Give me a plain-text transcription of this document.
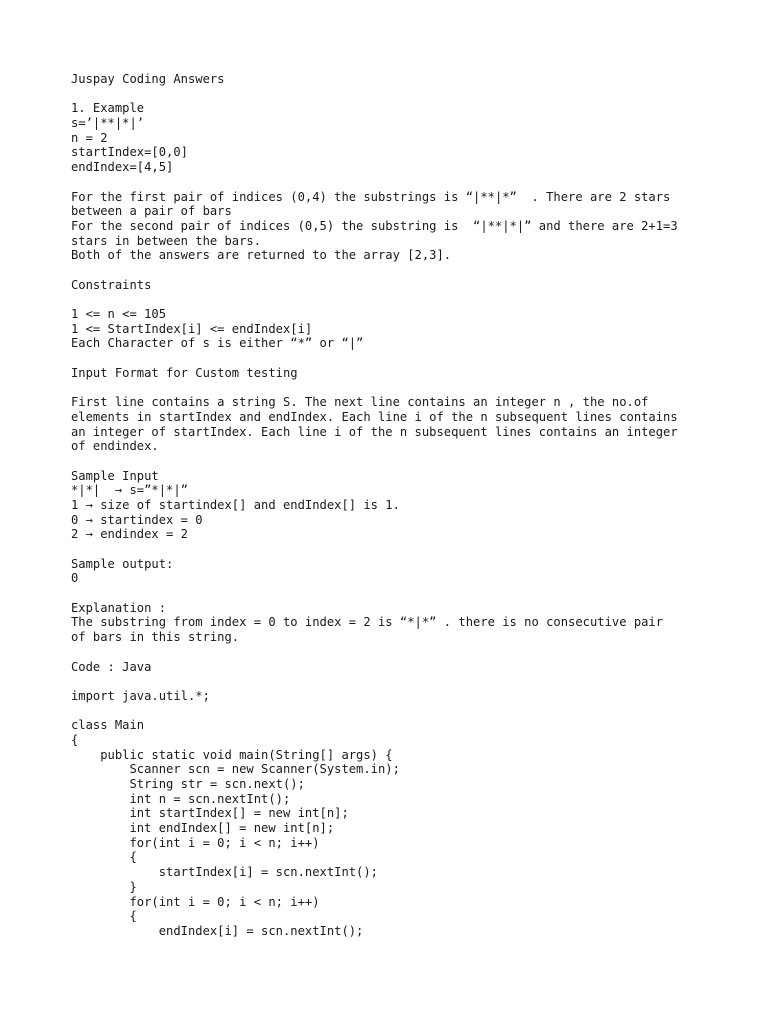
Juspay Coding Answers
1. Example
s=’|**|*|’
n = 2
startIndex=[0,0]
endIndex=[4,5]
For the first pair of indices (0,4) the substrings is “|**|*”  . There are 2 stars
between a pair of bars
For the second pair of indices (0,5) the substring is  “|**|*|” and there are 2+1=3
stars in between the bars.
Both of the answers are returned to the array [2,3].
Constraints
1 <= n <= 105
1 <= StartIndex[i] <= endIndex[i]
Each Character of s is either “*” or “|”
Input Format for Custom testing
First line contains a string S. The next line contains an integer n , the no.of
elements in startIndex and endIndex. Each line i of the n subsequent lines contains
an integer of startIndex. Each line i of the n subsequent lines contains an integer
of endindex.
Sample Input
*|*|  → s=”*|*|”
1 → size of startindex[] and endIndex[] is 1.
0 → startindex = 0
2 → endindex = 2
Sample output:
0
Explanation :
The substring from index = 0 to index = 2 is “*|*” . there is no consecutive pair
of bars in this string.
Code : Java
import java.util.*;
class Main
{
public static void main(String[] args) {
Scanner scn = new Scanner(System.in);
String str = scn.next();
int n = scn.nextInt();
int startIndex[] = new int[n];
int endIndex[] = new int[n];
for(int i = 0; i < n; i++)
{
startIndex[i] = scn.nextInt();
}
for(int i = 0; i < n; i++)
{
endIndex[i] = scn.nextInt();
